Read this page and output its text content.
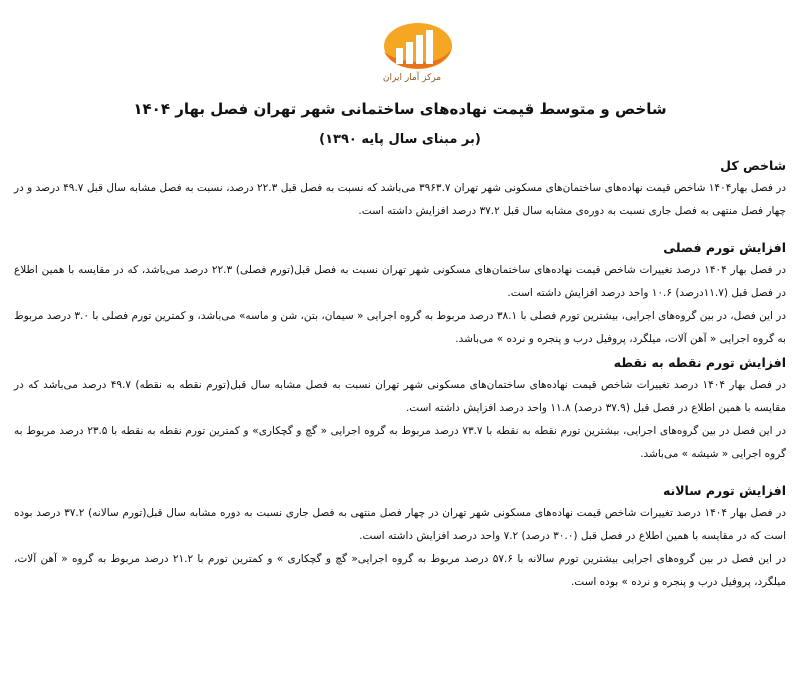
مرکز آمار ایران
شاخص و متوسط قیمت نهاده‌های ساختمانی شهر تهران فصل بهار ۱۴۰۴
(بر مبنای سال پایه ۱۳۹۰)
شاخص کل

در فصل بهار۱۴۰۴ شاخص قیمت نهاده‌های ساختمان‌های مسکونی شهر تهران ۳۹۶۳.۷ می‌باشد که نسبت به فصل قبل ۲۲.۳ درصد، نسبت به فصل مشابه سال قبل ۴۹.۷ درصد و در چهار فصل منتهی به فصل جاری نسبت به دوره‌ی مشابه سال قبل ۳۷.۲ درصد افزایش داشته است.

افزایش تورم فصلی

در فصل بهار ۱۴۰۴ درصد تغییرات شاخص قیمت نهاده‌های ساختمان‌های مسکونی شهر تهران نسبت به فصل قبل(تورم فصلی) ۲۲.۳ درصد می‌باشد، که در مقایسه با همین اطلاع در فصل قبل (۱۱.۷درصد) ۱۰.۶ واحد درصد افزایش داشته است.

در این فصل، در بین گروه‌های اجرایی، بیشترین تورم فصلی با ۳۸.۱ درصد مربوط به گروه اجرایی « سیمان، بتن، شن و ماسه» می‌باشد، و کمترین تورم فصلی با ۳.۰ درصد مربوط به گروه اجرایی « آهن آلات، میلگرد، پروفیل درب و پنجره و نرده » می‌باشد.

افزایش تورم نقطه به نقطه

در فصل بهار ۱۴۰۴ درصد تغییرات شاخص قیمت نهاده‌های ساختمان‌های مسکونی شهر تهران نسبت به فصل مشابه سال قبل(تورم نقطه به نقطه) ۴۹.۷ درصد می‌باشد که در مقایسه با همین اطلاع در فصل قبل (۳۷.۹ درصد) ۱۱.۸ واحد درصد افزایش داشته است.

در این فصل در بین گروه‌های اجرایی، بیشترین تورم نقطه به نقطه با ۷۳.۷ درصد مربوط به گروه اجرایی « گچ و گچکاری» و کمترین تورم نقطه به نقطه با ۲۳.۵ درصد مربوط به گروه اجرایی « شیشه » می‌باشد.

افزایش تورم سالانه

در فصل بهار ۱۴۰۴ درصد تغییرات شاخص قیمت نهاده‌های مسکونی شهر تهران در چهار فصل منتهی به فصل جاری نسبت به دوره مشابه سال قبل(تورم سالانه) ۳۷.۲ درصد بوده است که در مقایسه با همین اطلاع در فصل قبل (۳۰.۰ درصد) ۷.۲ واحد درصد افزایش داشته است.

در این فصل در بین گروه‌های اجرایی بیشترین تورم سالانه با ۵۷.۶ درصد مربوط به گروه اجرایی« گچ و گچکاری » و کمترین تورم با ۲۱.۲ درصد مربوط به گروه « آهن آلات، میلگرد، پروفیل درب و پنجره و نرده » بوده است.
